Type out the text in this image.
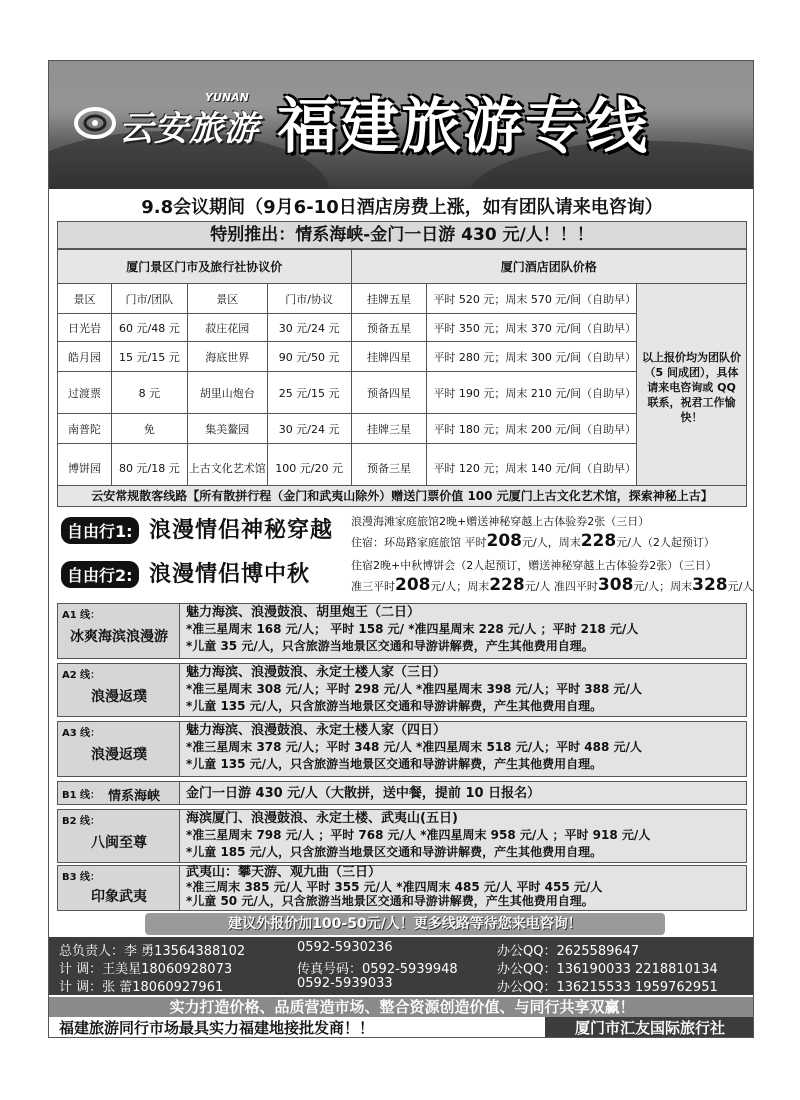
YUNAN
云安旅游 福建旅游专线
9.8会议期间（9月6-10日酒店房费上涨，如有团队请来电咨询）
特别推出：情系海峡-金门一日游 430 元/人！！！
厦门景区门市及旅行社协议价				厦门酒店团队价格		
景区	门市/团队	景区	门市/协议	挂牌五星	平时 520 元；周末 570 元/间（自助早）	以上报价均为团队价（5 间成团），具体请来电咨询或 QQ 联系，祝君工作愉快！
日光岩	60 元/48 元	菽庄花园	30 元/24 元	预备五星	平时 350 元；周末 370 元/间（自助早）	
皓月园	15 元/15 元	海底世界	90 元/50 元	挂牌四星	平时 280 元；周末 300 元/间（自助早）	
过渡票	8 元	胡里山炮台	25 元/15 元	预备四星	平时 190 元；周末 210 元/间（自助早）	
南普陀	免	集美鳌园	30 元/24 元	挂牌三星	平时 180 元；周末 200 元/间（自助早）	
博饼园	80 元/18 元	上古文化艺术馆	100 元/20 元	预备三星	平时 120 元；周末 140 元/间（自助早）	
云安常规散客线路【所有散拼行程（金门和武夷山除外）赠送门票价值 100 元厦门上古文化艺术馆，探索神秘上古】
自由行1: 浪漫情侣神秘穿越 浪漫海滩家庭旅馆2晚+赠送神秘穿越上古体验券2张（三日）
住宿：环岛路家庭旅馆 平时208元/人，周末228元/人（2人起预订）
自由行2: 浪漫情侣博中秋	住宿2晚+中秋博饼会（2人起预订，赠送神秘穿越上古体验券2张）（三日）
准三平时208元/人；周末228元/人 准四平时308元/人；周末328元/人
A1 线：
冰爽海滨浪漫游
魅力海滨、浪漫鼓浪、胡里炮王（二日）
*准三星周末 168 元/人； 平时 158 元/ *准四星周末 228 元/人 ；平时 218 元/人
*儿童 35 元/人，只含旅游当地景区交通和导游讲解费，产生其他费用自理。
A2 线：
浪漫返璞
魅力海滨、浪漫鼓浪、永定土楼人家（三日）
*准三星周末 308 元/人；平时 298 元/人 *准四星周末 398 元/人；平时 388 元/人
*儿童 135 元/人，只含旅游当地景区交通和导游讲解费，产生其他费用自理。
A3 线：
浪漫返璞
魅力海滨、浪漫鼓浪、永定土楼人家（四日）
*准三星周末 378 元/人；平时 348 元/人 *准四星周末 518 元/人；平时 488 元/人
*儿童 135 元/人，只含旅游当地景区交通和导游讲解费，产生其他费用自理。
B1 线： 情系海峡	金门一日游 430 元/人（大散拼，送中餐，提前 10 日报名）
B2 线：
八闽至尊
海滨厦门、浪漫鼓浪、永定土楼、武夷山(五日)
*准三星周末 798 元/人 ；平时 768 元/人 *准四星周末 958 元/人 ；平时 918 元/人
*儿童 185 元/人，只含旅游当地景区交通和导游讲解费，产生其他费用自理。
B3 线：
印象武夷
武夷山：攀天游、观九曲（三日）
*准三周末 385 元/人 平时 355 元/人 *准四周末 485 元/人 平时 455 元/人
*儿童 50 元/人，只含旅游当地景区交通和导游讲解费，产生其他费用自理。
建议外报价加100-50元/人！更多线路等待您来电咨询！
总负责人：李 勇13564388102	0592-5930236	办公QQ：2625589647
计 调：王美星18060928073	传真号码：0592-5939948	办公QQ：136190033 2218810134
计 调：张 蕾18060927961	0592-5939033	办公QQ：136215533 1959762951
实力打造价格、品质营造市场、整合资源创造价值、与同行共享双赢！
福建旅游同行市场最具实力福建地接批发商！！	厦门市汇友国际旅行社
